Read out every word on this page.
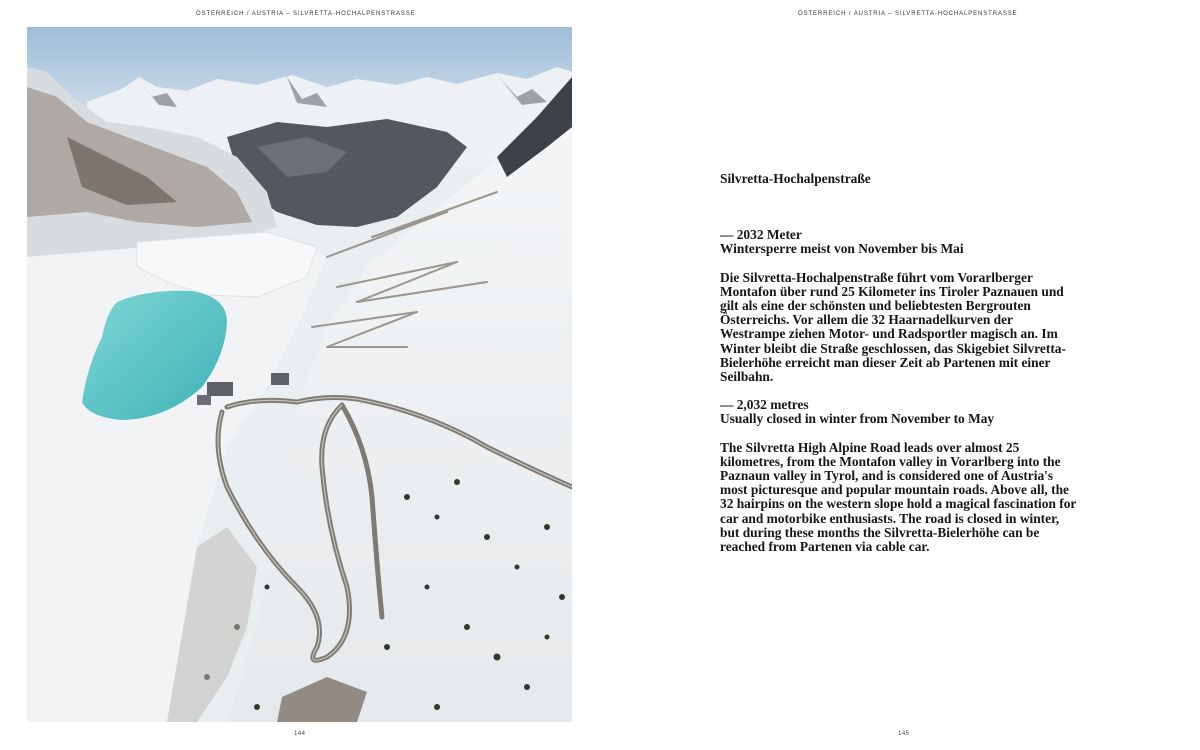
ÖSTERREICH / AUSTRIA – SILVRETTA-HOCHALPENSTRASSE	ÖSTERREICH / AUSTRIA – SILVRETTA-HOCHALPENSTRASSE

Silvretta-Hochalpenstraße

— 2032 Meter

Wintersperre meist von November bis Mai

Die Silvretta-Hochalpenstraße führt vom Vorarlberger Montafon über rund 25 Kilometer ins Tiroler Paznauen und gilt als eine der schönsten und beliebtesten Bergrouten Österreichs. Vor allem die 32 Haarnadelkurven der Westrampe ziehen Motor- und Radsportler magisch an. Im Winter bleibt die Straße geschlossen, das Skigebiet Silvretta-Bielerhöhe erreicht man dieser Zeit ab Partenen mit einer Seilbahn.

— 2,032 metres

Usually closed in winter from November to May

The Silvretta High Alpine Road leads over almost 25 kilometres, from the Montafon valley in Vorarlberg into the Paznaun valley in Tyrol, and is considered one of Austria's most picturesque and popular mountain roads. Above all, the 32 hairpins on the western slope hold a magical fascination for car and motorbike enthusiasts. The road is closed in winter, but during these months the Silvretta-Bielerhöhe can be reached from Partenen via cable car.

144	145
